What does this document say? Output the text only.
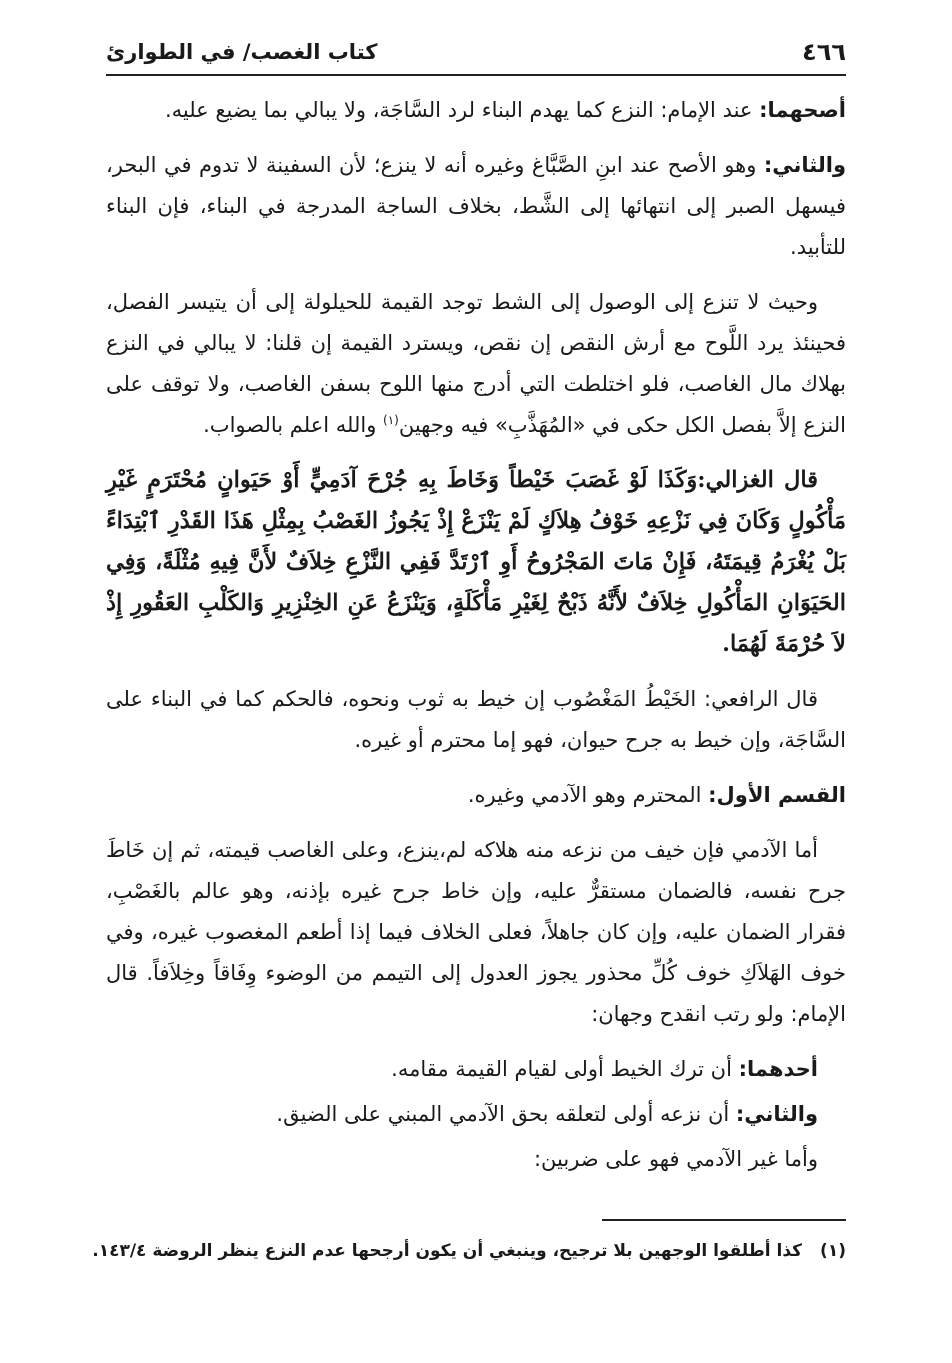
٤٦٦
كتاب الغصب/ في الطوارئ

أصحهما: عند الإمام: النزع كما يهدم البناء لرد السَّاجَة، ولا يبالي بما يضيع عليه.

والثاني: وهو الأصح عند ابنِ الصَّبَّاغ وغيره أنه لا ينزع؛ لأن السفينة لا تدوم في البحر، فيسهل الصبر إلى انتهائها إلى الشَّط، بخلاف الساجة المدرجة في البناء، فإن البناء للتأبيد.

وحيث لا تنزع إلى الوصول إلى الشط توجد القيمة للحيلولة إلى أن يتيسر الفصل، فحينئذ يرد اللَّوح مع أرش النقص إن نقص، ويسترد القيمة إن قلنا: لا يبالي في النزع بهلاك مال الغاصب، فلو اختلطت التي أدرج منها اللوح بسفن الغاصب، ولا توقف على النزع إلاَّ بفصل الكل حكى في «المُهَذَّبِ» فيه وجهين$^{(١)}$ والله اعلم بالصواب.

قال الغزالي:وَكَذَا لَوْ غَصَبَ خَيْطاً وَخَاطَ بِهِ جُرْحَ آدَمِيٍّ أَوْ حَيَوانٍ مُحْتَرَمٍ غَيْرِ مَأْكُولٍ وَكَانَ فِي نَزْعِهِ خَوْفُ هِلاَكٍ لَمْ يَنْزَعْ إِذْ يَجُوزُ الغَصْبُ بِمِثْلِ هَذَا القَدْرِ ٱبْتِدَاءً بَلْ يُغْرَمُ قِيمَتَهُ، فَإِنْ مَاتَ المَجْرُوحُ أَوِ ٱرْتَدَّ فَفِي النَّزْعِ خِلاَفٌ لأَنَّ فِيهِ مُثْلَةً، وَفِي الحَيَوَانِ المَأْكُولِ خِلاَفٌ لأَنَّهُ ذَبْحٌ لِغَيْرِ مَأْكَلَةٍ، وَيَنْزَعُ عَنِ الخِنْزِيرِ وَالكَلْبِ العَقُورِ إِذْ لاَ حُرْمَةَ لَهُمَا.

قال الرافعي: الخَيْطُ المَغْصُوب إن خيط به ثوب ونحوه، فالحكم كما في البناء على السَّاجَة، وإن خيط به جرح حيوان، فهو إما محترم أو غيره.

القسم الأول: المحترم وهو الآدمي وغيره.

أما الآدمي فإن خيف من نزعه منه هلاكه لم،ينزع، وعلى الغاصب قيمته، ثم إن خَاطَ جرح نفسه، فالضمان مستقرٌّ عليه، وإن خاط جرح غيره بإذنه، وهو عالم بالغَصْبِ، فقرار الضمان عليه، وإن كان جاهلاً، فعلى الخلاف فيما إذا أطعم المغصوب غيره، وفي خوف الهَلاَكِ خوف كُلِّ محذور يجوز العدول إلى التيمم من الوضوء وِفَاقاً وخِلاَفاً. قال الإمام: ولو رتب انقدح وجهان:

أحدهما: أن ترك الخيط أولى لقيام القيمة مقامه.

والثاني: أن نزعه أولى لتعلقه بحق الآدمي المبني على الضيق.

وأما غير الآدمي فهو على ضربين:

(١)كذا أطلقوا الوجهين بلا ترجيح، وينبغي أن يكون أرجحها عدم النزع ينظر الروضة ١٤٣/٤.
